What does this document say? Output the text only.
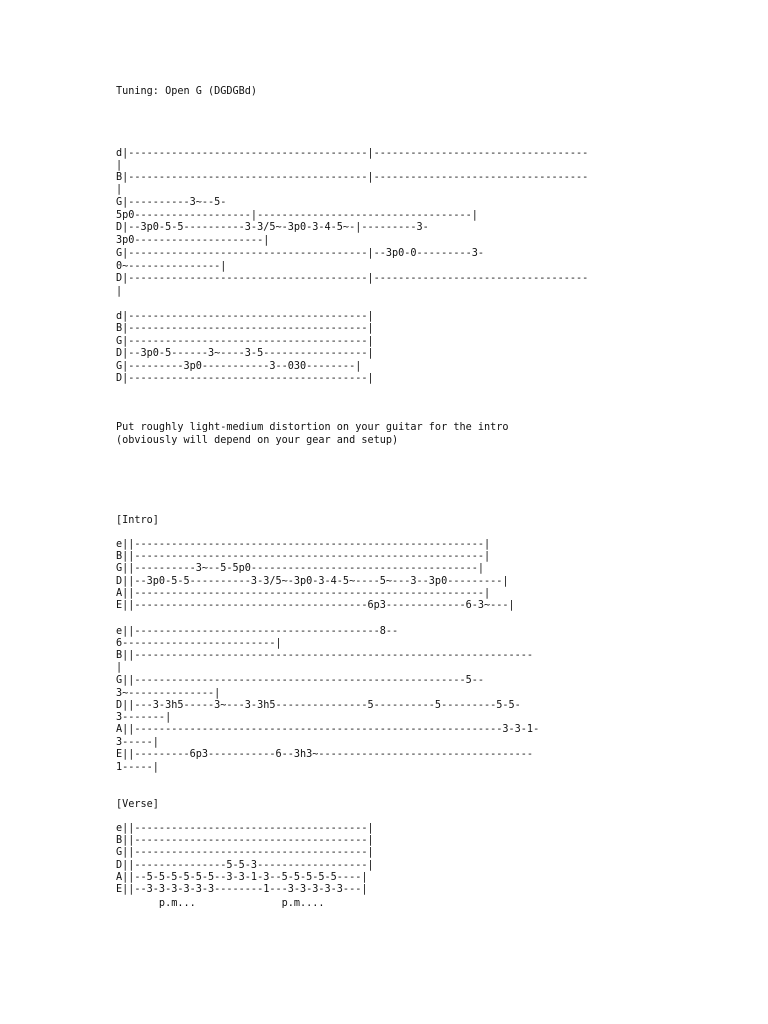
Tuning: Open G (DGDGBd)

d|---------------------------------------|-----------------------------------

|

B|---------------------------------------|-----------------------------------

|

G|----------3~--5-

5p0-------------------|-----------------------------------|

D|--3p0-5-5----------3-3/5~-3p0-3-4-5~-|---------3-

3p0---------------------|

G|---------------------------------------|--3p0-0---------3-

0~---------------|

D|---------------------------------------|-----------------------------------

|

d|---------------------------------------|

B|---------------------------------------|

G|---------------------------------------|

D|--3p0-5------3~----3-5-----------------|

G|---------3p0-----------3--030--------|

D|---------------------------------------|

Put roughly light-medium distortion on your guitar for the intro

(obviously will depend on your gear and setup)

[Intro]

e||---------------------------------------------------------|

B||---------------------------------------------------------|

G||----------3~--5-5p0-------------------------------------|

D||--3p0-5-5----------3-3/5~-3p0-3-4-5~----5~---3--3p0---------|

A||---------------------------------------------------------|

E||--------------------------------------6p3-------------6-3~---|

e||----------------------------------------8--

6-------------------------|

B||-----------------------------------------------------------------

|

G||------------------------------------------------------5--

3~--------------|

D||---3-3h5-----3~---3-3h5---------------5----------5---------5-5-

3-------|

A||------------------------------------------------------------3-3-1-

3-----|

E||---------6p3-----------6--3h3~-----------------------------------

1-----|

[Verse]

e||--------------------------------------|

B||--------------------------------------|

G||--------------------------------------|

D||---------------5-5-3------------------|

A||--5-5-5-5-5-5--3-3-1-3--5-5-5-5-5----|

E||--3-3-3-3-3-3--------1---3-3-3-3-3---|

p.m...              p.m....
